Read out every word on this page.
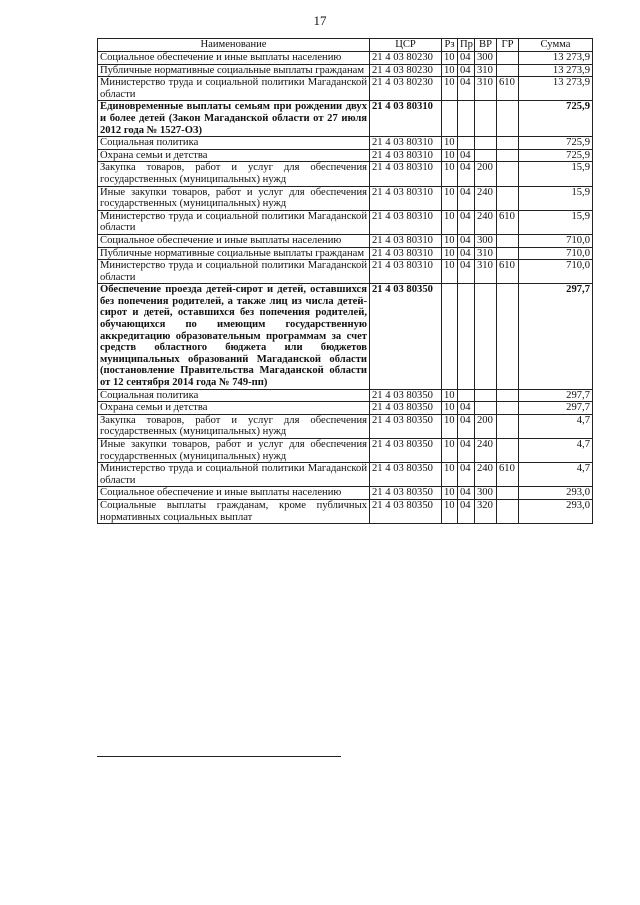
17
Наименование	ЦСР	Рз	Пр	ВР	ГР	Сумма
Социальное обеспечение и иные выплаты населению	21 4 03 80230	10	04	300		13 273,9
Публичные нормативные социальные выплаты гражданам	21 4 03 80230	10	04	310		13 273,9
Министерство труда и социальной политики Магаданской области	21 4 03 80230	10	04	310	610	13 273,9
Единовременные выплаты семьям при рождении двух и более детей (Закон Магаданской области от 27 июля 2012 года № 1527-ОЗ)	21 4 03 80310					725,9
Социальная политика	21 4 03 80310	10				725,9
Охрана семьи и детства	21 4 03 80310	10	04			725,9
Закупка товаров, работ и услуг для обеспечения государственных (муниципальных) нужд	21 4 03 80310	10	04	200		15,9
Иные закупки товаров, работ и услуг для обеспечения государственных (муниципальных) нужд	21 4 03 80310	10	04	240		15,9
Министерство труда и социальной политики Магаданской области	21 4 03 80310	10	04	240	610	15,9
Социальное обеспечение и иные выплаты населению	21 4 03 80310	10	04	300		710,0
Публичные нормативные социальные выплаты гражданам	21 4 03 80310	10	04	310		710,0
Министерство труда и социальной политики Магаданской области	21 4 03 80310	10	04	310	610	710,0
Обеспечение проезда детей-сирот и детей, оставшихся без попечения родителей, а также лиц из числа детей-сирот и детей, оставшихся без попечения родителей, обучающихся по имеющим государственную аккредитацию образовательным программам за счет средств областного бюджета или бюджетов муниципальных образований Магаданской области (постановление Правительства Магаданской области от 12 сентября 2014 года № 749-пп)	21 4 03 80350					297,7
Социальная политика	21 4 03 80350	10				297,7
Охрана семьи и детства	21 4 03 80350	10	04			297,7
Закупка товаров, работ и услуг для обеспечения государственных (муниципальных) нужд	21 4 03 80350	10	04	200		4,7
Иные закупки товаров, работ и услуг для обеспечения государственных (муниципальных) нужд	21 4 03 80350	10	04	240		4,7
Министерство труда и социальной политики Магаданской области	21 4 03 80350	10	04	240	610	4,7
Социальное обеспечение и иные выплаты населению	21 4 03 80350	10	04	300		293,0
Социальные выплаты гражданам, кроме публичных нормативных социальных выплат	21 4 03 80350	10	04	320		293,0
